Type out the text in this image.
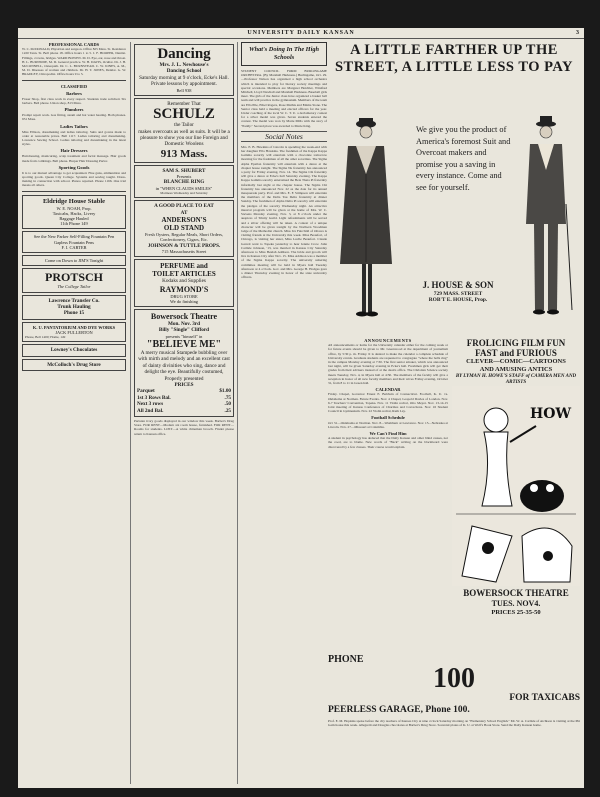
UNIVERSITY DAILY KANSAN	3
PROFESSIONAL CARDS
W. C. McDONALD, Physician and surgeon. Office 825 Mass. St. Residence 1220 Tenn. St. Bell phone 18. Office hours 1 to 5. J. F. HOOPER, Dentist. Fillings, crowns, bridges. WARD BOWEN. M. D. Eye, ear, nose and throat. H. L. BURNSIDE, M. D. General practice. W. H. DAVIS, Oculist. Dr. J. H. McCONNELL, Osteopath. Dr. C. L. BURNSTEAD. C. W. JONES, A. M., M. D. Diseases of women and children. Dr. H. T. JONES, Dentist. G. W. BRADLEY, Chiropodist. Office hours 9 to 5.
CLASSIFIED
Barbers
Fraser Shop, first class work in every respect. Students trade solicited. Six barbers. Bell phone. Union shop, 813 Mass.
Plumbers
Prompt repair work. Gas fitting, steam and hot water heating. Both phones. 931 Mass.
Ladies Tailors
Miss Ellison, dressmaking and ladies tailoring. Suits and gowns made to order at reasonable prices. Bell 1117. Ladies tailoring and dressmaking. Lawrence Sewing School. Ladies tailoring and dressmaking in the latest styles.
Hair Dressers
Hairdressing, manicuring, scalp treatment and facial massage. Hair goods made from combings. Bell phone. Harper Hair Dressing Parlor.
Sporting Goods
It is to our mutual advantage to get acquainted. Fine guns, ammunition and sporting goods. Queen City College. Systems and sewing taught. Dress-making in connection with school. Pianos repaired. Phone 1166. One trial means all others.
Eldridge House Stable
W. E. NOAH, Prop.
Taxicabs, Hacks, Livery
Baggage Hauled
11th Phone 149
See the New Parker Self-Filling Fountain Pen
Gapless Fountain Pens
F. I. CARTER
Come on Down to JIM'S Tonight
PROTSCH
The College Tailor
Lawrence Transfer Co.
Trunk Hauling
Phone 15
K. U. PANTATORIUM AND DYE WORKS
JACK FULLERTON
Phone, Bell 1400; Home, 149
Lowney's Chocolates
McColloch's Drug Store
Dancing
Mrs. J. L. Newhouse's
Dancing School
Saturday morning at 9 o'clock, Ecke's Hall. Private lessons by appointment.
Bell 938
Remember That
SCHULZ
the Tailor
makes overcoats as well as suits. It will be a pleasure to show you our line Foreign and Domestic Woolens
913 Mass.
SAM S. SHUBERT
Presents
BLANCHE RING
in "WHEN CLAUDS SMILES"
Matinees Wednesday and Saturday
A GOOD PLACE TO EAT
AT
ANDERSON'S
OLD STAND
Fresh Oysters, Regular Meals, Short Orders, Confectionery, Cigars, Etc.
JOHNSON & TUTTLE PROPS.
715 Massachusetts Street
PERFUME and
TOILET ARTICLES
Kodaks and Supplies
RAYMOND'S
DRUG STORE
We do finishing
Bowersock Theatre
Mon. Nov. 3rd
Billy "Single" Clifford
presents "himself" in
"BELIEVE ME"
A merry musical Stampede bubbling over with mirth and melody and an excellent cast of dainty divinities who sing, dance and delight the eye. Beautifully costumed, Properly presented
PRICES
Parquet	$1.00
1st 3 Rows Bal.	.75
Next 3 rows	.50
All 2nd Bal.	.25
Parisian ivory goods displayed in our window this week. Barber's Drug Store. FOR RENT—Modern six room house, furnished. FOR RENT—Rooms for students. LOST—A white chinaman brooch. Finder please return to Kansan office.
What's Doing In The High Schools
STUDENT COUNCIL FORM BURLINGAME ORCHESTRA. (By Marshall Harkness.) Burlingame, Oct. 29.—Professor Nelson has organized a high school orchestra which is intended to play for literary society meetings and special occasions. Members are Margaret Heichler, Winifred Mitchell, Lloyd Newhall and Marshall Harkness. Baseball girls meet. The girls of the Junior class have organized a basket ball team and will practice in the gymnasium. Members of the team are Ella Pile, Ethel Rogers, Rose Mathis and Emma Stone. The Senior class held a meeting and elected officers for the year. Under coaching of the local W. C. T. U. a declamatory contest for a silver medal was given. Seven students entered the contest. The medal was won by Marie Mills with the story of "Paddy." Second place was awarded to Marie King.
Social Notes
Mrs. E. B. Hawkins of Lincoln is spending the week-end with her daughter Ella Hawkins. The freshmen of the Kappa Kappa Gamma sorority will entertain with a chocolate tomorrow morning for the freshmen of all the other sororities. The Sigma Alpha Epsilon fraternity will entertain with a dance at the chapter house tonight. The Sigma Nu fraternity has announced a party for Friday evening, Nov. 14. The Sigma Chi fraternity will give a dance at Ecke's hall Saturday evening. The Kappa Kappa Gamma sorority entertained the Beta Theta Pi fraternity informally last night at the chapter house. The Sigma Chi fraternity has announced Nov. 22 as the date for its annual masquerade party. Prof. and Mrs. E. F. Stimpson will entertain the members of the Delta Tau Delta fraternity at dinner Sunday. The freshmen of Alpha Delta Pi sorority will entertain the pledges of the sorority Wednesday night. An attractive musical program will be given at the home of Mrs. W. C. Stevens Monday evening, Nov. 3, at 8 o'clock under the auspices of Trinity Guild. Light refreshments will be served and a silver offering will be taken. A contest of a unique character will be given tonight by the Northern Woodmen lodge of the Methodist church. Miss Iva Fairchild of Ottawa is visiting friends at the University this week. Miss Beaufort, of Chicago, is visiting her sister, Miss Lucile Beaufort. Claude Garrett went to Topeka yesterday to hear Jennie Crow. John Carlisle Johnson, '13, was married in Kansas City Saturday afternoon to Miss Beulah Addison. The bride and groom will live in Kansas City after Nov. 15. Miss Addison was a member of the Sigma Kappa sorority. The university ushering committee meeting will be held in Myers hall Tuesday afternoon at 4 o'clock. Gov. and Mrs. George H. Hodges gave a dinner Thursday evening in honor of the state university officers.
A LITTLE FARTHER UP THE STREET, A LITTLE LESS TO PAY
We give you the product of America's foremost Suit and Overcoat makers and promise you a saving in every instance. Come and see for yourself.
J. HOUSE & SON
729 MASS. STREET
ROB'T E. HOUSE, Prop.
ANNOUNCEMENTS
All announcements or items for the University calendar either for the coming week or for future events should be given to Mr. Greenwood at the department of journalism office, by 5:30 p. m. Friday. It is desired to make the calendar a complete schedule of University events. Graduate students are requested to congregate "where the bells ring" in the campus Monday evening at 7:30. The first senior smoker, which was announced last night, will be given Saturday evening in Ecke's hall. Freshmen girls will get their grades from their advisers instead of at the dean's office. The Christian Science society meets Tuesday, Nov. 4, in Myers hall at 4:30. The members of the faculty will give a reception in honor of all new faculty members and their wives Friday evening, October 31, from 8 to 11 in Green hall.
CALENDAR
Friday. Chapel, Governor Ernest E. Baldwin of Connecticut. Football, K. U. vs. Oklahoma at Norman. Future Events. Nov. 4 Chapel, Leopold Davies of London. Nov. 6-7 Teachers' Convention, Topeka. Nov. 11 Violin recital, Otto Meyer. Nov. 13-14-15 Joint meeting of Kansas Conference of Charities and Corrections. Nov. 16 Student Council in Gymnasium. Nov. 22 Violin recital, Ruth Lay.
Football Schedule
Oct 31—Oklahoma at Norman. Nov. 8—Washburn at Lawrence. Nov. 15—Nebraska at Lincoln. Nov. 27—Missouri at Columbia.
We Can't Find Him
A student in psychology has deduced that the Daily Kansan and other blind causes, not the coed, are to blame. New words of "Back" writing on the blackboard were discovered by a few classes. Their course would explain.
FROLICING FILM FUN
FAST and FURIOUS
CLEVER—COMIC—CARTOONS
AND AMUSING ANTICS
BY LYMAN H. HOWE'S STAFF of CAMERA MEN AND ARTISTS
HOW
BOWERSOCK THEATRE
TUES. NOV4.
PRICES 25-35-50
PHONE
100
FOR TAXICABS
PEERLESS GARAGE, Phone 100.
Prof. E. M. Hopkins spoke before the city teachers of Kansas City at nine o'clock Saturday morning on "Elementary School English." Mr. W. A. Carlisle of Atchison is visiting at the Phi Gam house this week. Allegretti and Douglas chocolates at Barber's Drug Store. Souvenir plates of K. U. at Wolf's Book Store. Send the Daily Kansan home.
